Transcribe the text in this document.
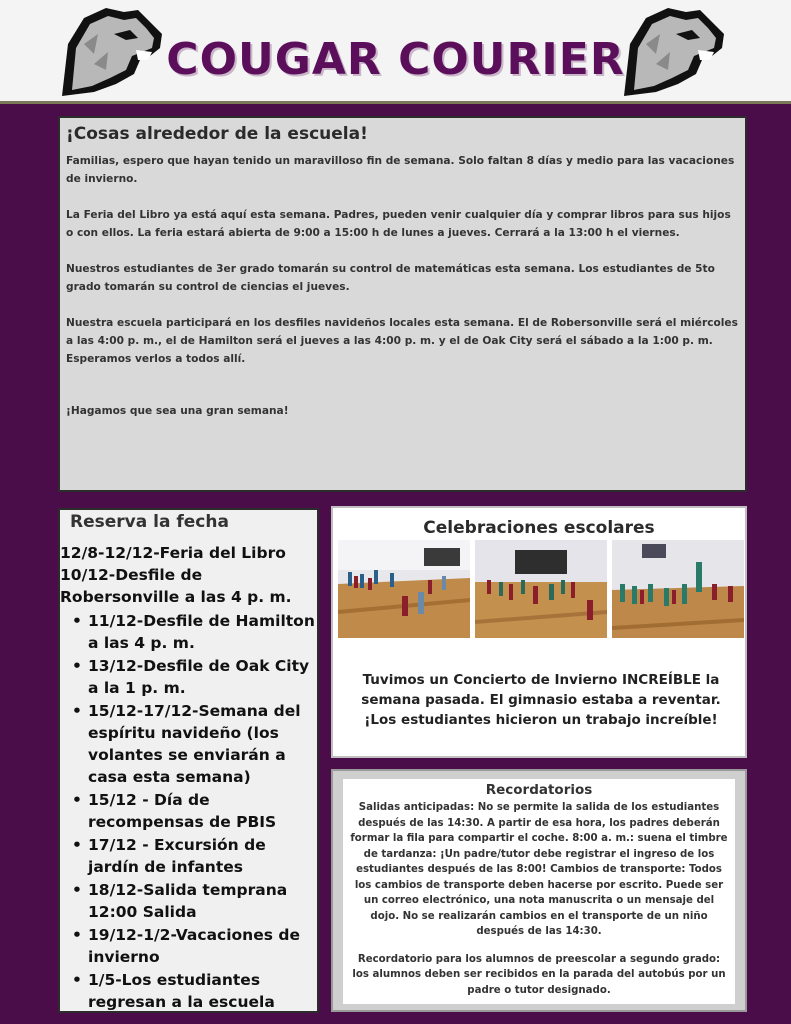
COUGAR COURIER
¡Cosas alrededor de la escuela!

Familias, espero que hayan tenido un maravilloso fin de semana. Solo faltan 8 días y medio para las vacaciones de invierno.

La Feria del Libro ya está aquí esta semana. Padres, pueden venir cualquier día y comprar libros para sus hijos o con ellos. La feria estará abierta de 9:00 a 15:00 h de lunes a jueves. Cerrará a la 13:00 h el viernes.

Nuestros estudiantes de 3er grado tomarán su control de matemáticas esta semana. Los estudiantes de 5to grado tomarán su control de ciencias el jueves.

Nuestra escuela participará en los desfiles navideños locales esta semana. El de Robersonville será el miércoles a las 4:00 p. m., el de Hamilton será el jueves a las 4:00 p. m. y el de Oak City será el sábado a la 1:00 p. m. Esperamos verlos a todos allí.

¡Hagamos que sea una gran semana!

Reserva la fecha
12/8-12/12-Feria del Libro
10/12-Desfile de Robersonville a las 4 p. m.
• 11/12-Desfile de Hamilton a las 4 p. m.
• 13/12-Desfile de Oak City a la 1 p. m.
• 15/12-17/12-Semana del espíritu navideño (los volantes se enviarán a casa esta semana)
• 15/12 - Día de recompensas de PBIS
• 17/12 - Excursión de jardín de infantes
• 18/12-Salida temprana 12:00 Salida
• 19/12-1/2-Vacaciones de invierno
• 1/5-Los estudiantes regresan a la escuela
Celebraciones escolares
Tuvimos un Concierto de Invierno INCREÍBLE la semana pasada. El gimnasio estaba a reventar. ¡Los estudiantes hicieron un trabajo increíble!
Recordatorios

Salidas anticipadas: No se permite la salida de los estudiantes después de las 14:30. A partir de esa hora, los padres deberán formar la fila para compartir el coche. 8:00 a. m.: suena el timbre de tardanza: ¡Un padre/tutor debe registrar el ingreso de los estudiantes después de las 8:00! Cambios de transporte: Todos los cambios de transporte deben hacerse por escrito. Puede ser un correo electrónico, una nota manuscrita o un mensaje del dojo. No se realizarán cambios en el transporte de un niño después de las 14:30.

Recordatorio para los alumnos de preescolar a segundo grado: los alumnos deben ser recibidos en la parada del autobús por un padre o tutor designado.
